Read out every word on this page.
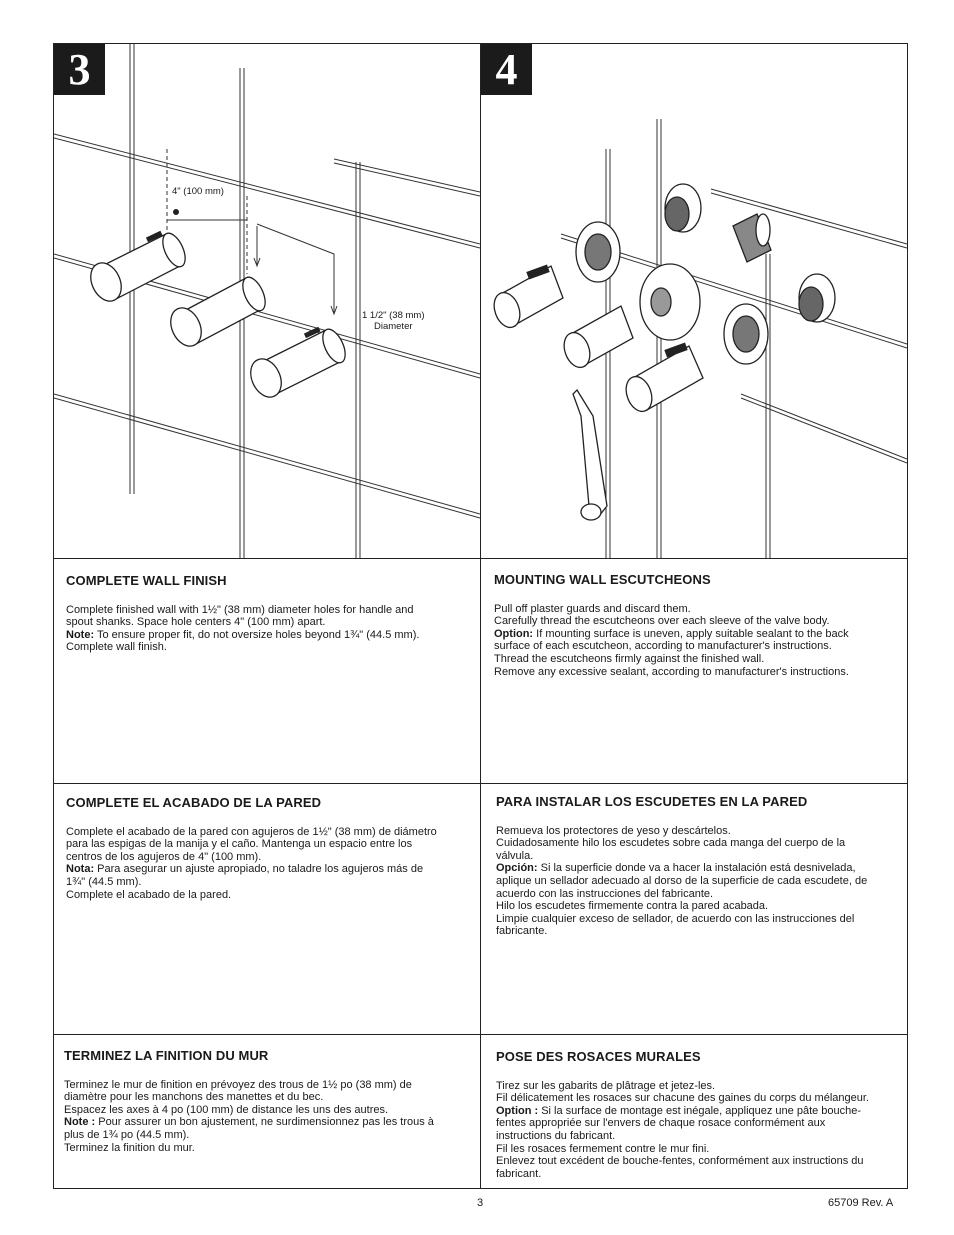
4" (100 mm)
1 1/2" (38 mm)
Diameter
3	4
COMPLETE WALL FINISH

Complete finished wall with 1½" (38 mm) diameter holes for handle and

spout shanks. Space hole centers 4" (100 mm) apart.

Note: To ensure proper fit, do not oversize holes beyond 1¾" (44.5 mm).

Complete wall finish.

MOUNTING WALL ESCUTCHEONS

Pull off plaster guards and discard them.

Carefully thread the escutcheons over each sleeve of the valve body.

Option: If mounting surface is uneven, apply suitable sealant to the back

surface of each escutcheon, according to manufacturer's instructions.

Thread the escutcheons firmly against the finished wall.

Remove any excessive sealant, according to manufacturer's instructions.

COMPLETE EL ACABADO DE LA PARED

Complete el acabado de la pared con agujeros de 1½" (38 mm) de diámetro

para las espigas de la manija y el caño. Mantenga un espacio entre los

centros de los agujeros de 4" (100 mm).

Nota: Para asegurar un ajuste apropiado, no taladre los agujeros más de

1¾" (44.5 mm).

Complete el acabado de la pared.

PARA INSTALAR LOS ESCUDETES EN LA PARED

Remueva los protectores de yeso y descártelos.

Cuidadosamente hilo los escudetes sobre cada manga del cuerpo de la

válvula.

Opción: Si la superficie donde va a hacer la instalación está desnivelada,

aplique un sellador adecuado al dorso de la superficie de cada escudete, de

acuerdo con las instrucciones del fabricante.

Hilo los escudetes firmemente contra la pared acabada.

Limpie cualquier exceso de sellador, de acuerdo con las instrucciones del

fabricante.

TERMINEZ LA FINITION DU MUR

Terminez le mur de finition en prévoyez des trous de 1½ po (38 mm) de

diamètre pour les manchons des manettes et du bec.

Espacez les axes à 4 po (100 mm) de distance les uns des autres.

Note : Pour assurer un bon ajustement, ne surdimensionnez pas les trous à

plus de 1¾ po (44.5 mm).

Terminez la finition du mur.

POSE DES ROSACES MURALES

Tirez sur les gabarits de plâtrage et jetez-les.

Fil délicatement les rosaces sur chacune des gaines du corps du mélangeur.

Option : Si la surface de montage est inégale, appliquez une pâte bouche-

fentes appropriée sur l'envers de chaque rosace conformément aux

instructions du fabricant.

Fil les rosaces fermement contre le mur fini.

Enlevez tout excédent de bouche-fentes, conformément aux instructions du

fabricant.

3	65709 Rev. A
